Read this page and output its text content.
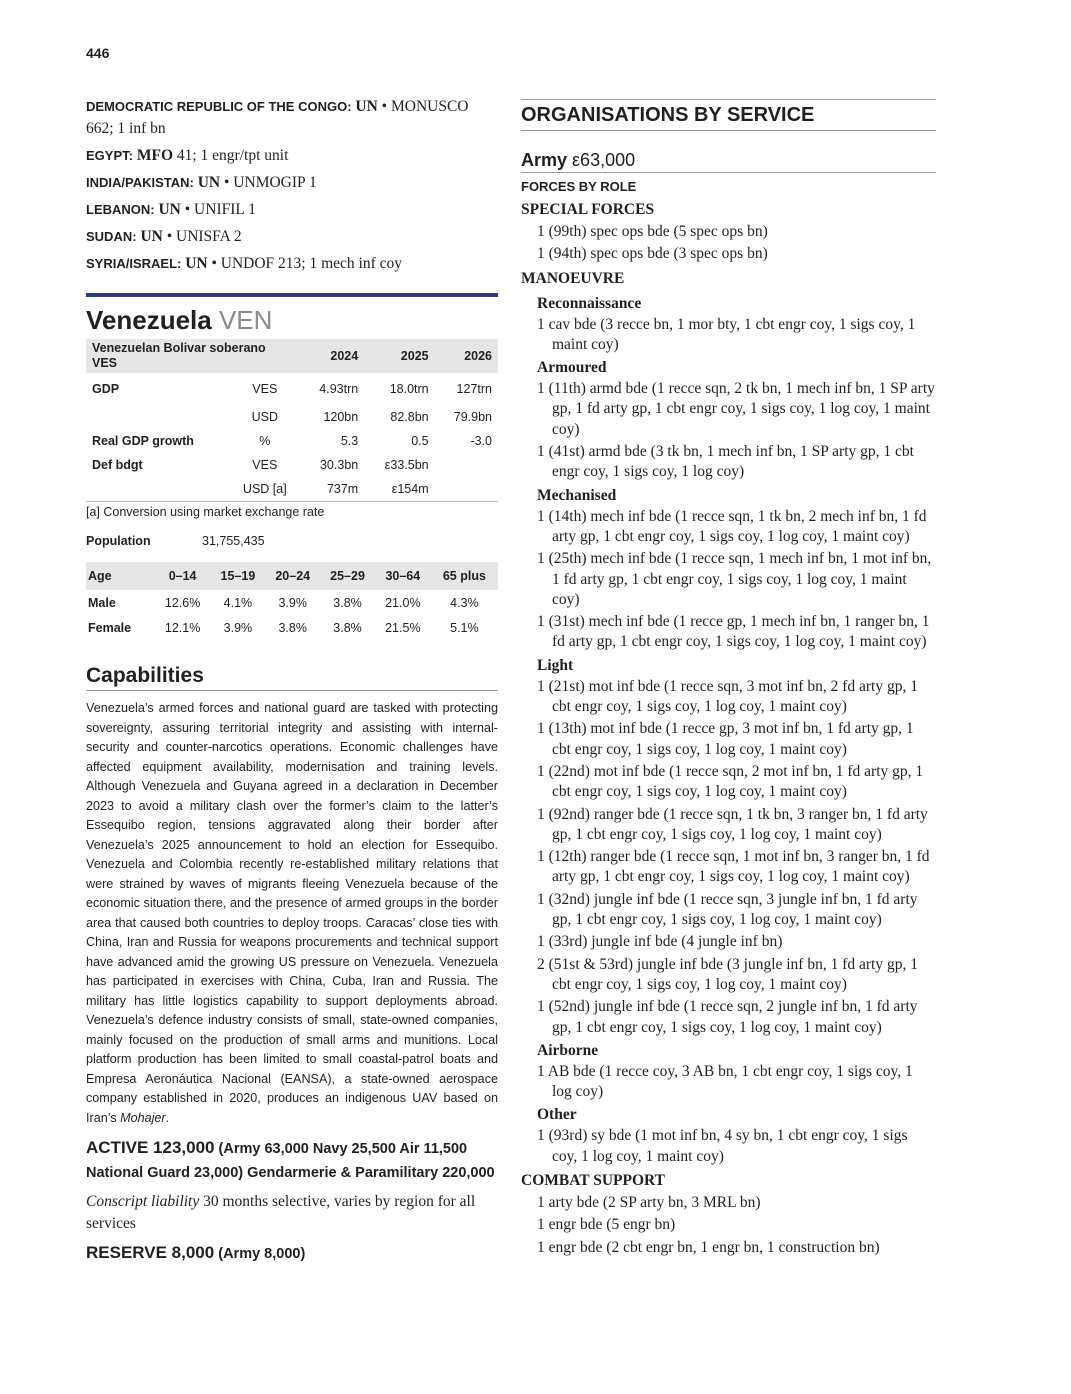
446
DEMOCRATIC REPUBLIC OF THE CONGO: UN • MONUSCO 662; 1 inf bn
EGYPT: MFO 41; 1 engr/tpt unit
INDIA/PAKISTAN: UN • UNMOGIP 1
LEBANON: UN • UNIFIL 1
SUDAN: UN • UNISFA 2
SYRIA/ISRAEL: UN • UNDOF 213; 1 mech inf coy
Venezuela VEN
Venezuelan Bolivar soberano VES		2024	2025	2026
GDP	VES	4.93trn	18.0trn	127trn
	USD	120bn	82.8bn	79.9bn
Real GDP growth	%	5.3	0.5	-3.0
Def bdgt	VES	30.3bn	ε33.5bn	
	USD [a]	737m	ε154m	
[a] Conversion using market exchange rate
Population	31,755,435
Age	0–14	15–19	20–24	25–29	30–64	65 plus
Male	12.6%	4.1%	3.9%	3.8%	21.0%	4.3%
Female	12.1%	3.9%	3.8%	3.8%	21.5%	5.1%
Capabilities
Venezuela’s armed forces and national guard are tasked with protecting sovereignty, assuring territorial integrity and assisting with internal-security and counter-narcotics operations. Economic challenges have affected equipment availability, modernisation and training levels. Although Venezuela and Guyana agreed in a declaration in December 2023 to avoid a military clash over the former’s claim to the latter’s Essequibo region, tensions aggravated along their border after Venezuela’s 2025 announcement to hold an election for Essequibo. Venezuela and Colombia recently re-established military relations that were strained by waves of migrants fleeing Venezuela because of the economic situation there, and the presence of armed groups in the border area that caused both countries to deploy troops. Caracas’ close ties with China, Iran and Russia for weapons procurements and technical support have advanced amid the growing US pressure on Venezuela. Venezuela has participated in exercises with China, Cuba, Iran and Russia. The military has little logistics capability to support deployments abroad. Venezuela’s defence industry consists of small, state-owned companies, mainly focused on the production of small arms and munitions. Local platform production has been limited to small coastal-patrol boats and Empresa Aeronáutica Nacional (EANSA), a state-owned aerospace company established in 2020, produces an indigenous UAV based on Iran’s Mohajer.
ACTIVE 123,000 (Army 63,000 Navy 25,500 Air 11,500 National Guard 23,000) Gendarmerie & Paramilitary 220,000
Conscript liability 30 months selective, varies by region for all services
RESERVE 8,000 (Army 8,000)
ORGANISATIONS BY SERVICE
Army ε63,000
FORCES BY ROLE
SPECIAL FORCES
1 (99th) spec ops bde (5 spec ops bn)
1 (94th) spec ops bde (3 spec ops bn)
MANOEUVRE
Reconnaissance
1 cav bde (3 recce bn, 1 mor bty, 1 cbt engr coy, 1 sigs coy, 1 maint coy)
Armoured
1 (11th) armd bde (1 recce sqn, 2 tk bn, 1 mech inf bn, 1 SP arty gp, 1 fd arty gp, 1 cbt engr coy, 1 sigs coy, 1 log coy, 1 maint coy)
1 (41st) armd bde (3 tk bn, 1 mech inf bn, 1 SP arty gp, 1 cbt engr coy, 1 sigs coy, 1 log coy)
Mechanised
1 (14th) mech inf bde (1 recce sqn, 1 tk bn, 2 mech inf bn, 1 fd arty gp, 1 cbt engr coy, 1 sigs coy, 1 log coy, 1 maint coy)
1 (25th) mech inf bde (1 recce sqn, 1 mech inf bn, 1 mot inf bn, 1 fd arty gp, 1 cbt engr coy, 1 sigs coy, 1 log coy, 1 maint coy)
1 (31st) mech inf bde (1 recce gp, 1 mech inf bn, 1 ranger bn, 1 fd arty gp, 1 cbt engr coy, 1 sigs coy, 1 log coy, 1 maint coy)
Light
1 (21st) mot inf bde (1 recce sqn, 3 mot inf bn, 2 fd arty gp, 1 cbt engr coy, 1 sigs coy, 1 log coy, 1 maint coy)
1 (13th) mot inf bde (1 recce gp, 3 mot inf bn, 1 fd arty gp, 1 cbt engr coy, 1 sigs coy, 1 log coy, 1 maint coy)
1 (22nd) mot inf bde (1 recce sqn, 2 mot inf bn, 1 fd arty gp, 1 cbt engr coy, 1 sigs coy, 1 log coy, 1 maint coy)
1 (92nd) ranger bde (1 recce sqn, 1 tk bn, 3 ranger bn, 1 fd arty gp, 1 cbt engr coy, 1 sigs coy, 1 log coy, 1 maint coy)
1 (12th) ranger bde (1 recce sqn, 1 mot inf bn, 3 ranger bn, 1 fd arty gp, 1 cbt engr coy, 1 sigs coy, 1 log coy, 1 maint coy)
1 (32nd) jungle inf bde (1 recce sqn, 3 jungle inf bn, 1 fd arty gp, 1 cbt engr coy, 1 sigs coy, 1 log coy, 1 maint coy)
1 (33rd) jungle inf bde (4 jungle inf bn)
2 (51st & 53rd) jungle inf bde (3 jungle inf bn, 1 fd arty gp, 1 cbt engr coy, 1 sigs coy, 1 log coy, 1 maint coy)
1 (52nd) jungle inf bde (1 recce sqn, 2 jungle inf bn, 1 fd arty gp, 1 cbt engr coy, 1 sigs coy, 1 log coy, 1 maint coy)
Airborne
1 AB bde (1 recce coy, 3 AB bn, 1 cbt engr coy, 1 sigs coy, 1 log coy)
Other
1 (93rd) sy bde (1 mot inf bn, 4 sy bn, 1 cbt engr coy, 1 sigs coy, 1 log coy, 1 maint coy)
COMBAT SUPPORT
1 arty bde (2 SP arty bn, 3 MRL bn)
1 engr bde (5 engr bn)
1 engr bde (2 cbt engr bn, 1 engr bn, 1 construction bn)
